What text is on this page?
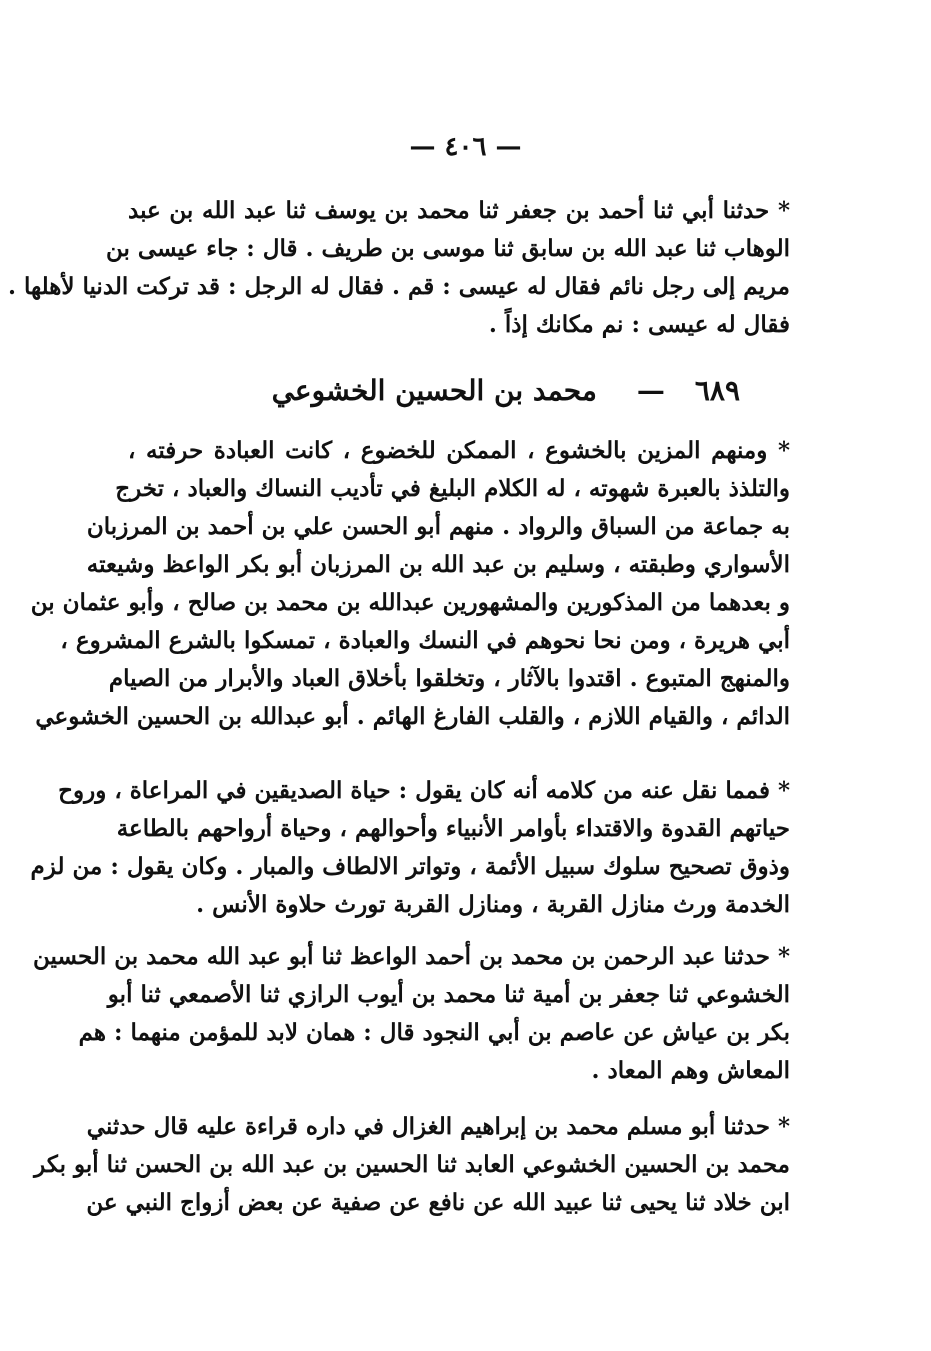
— ٤٠٦ —
* حدثنا أبي ثنا أحمد بن جعفر ثنا محمد بن يوسف ثنا عبد الله بن عبد
الوهاب ثنا عبد الله بن سابق ثنا موسى بن طريف . قال : جاء عيسى بن
مريم إلى رجل نائم فقال له عيسى : قم . فقال له الرجل : قد تركت الدنيا لأهلها .
فقال له عيسى : نم مكانك إذاً .
٦٨٩
—
محمد بن الحسين الخشوعي
* ومنهم المزين بالخشوع ، الممكن للخضوع ، كانت العبادة حرفته ،
والتلذذ بالعبرة شهوته ، له الكلام البليغ في تأديب النساك والعباد ، تخرج
به جماعة من السباق والرواد . منهم أبو الحسن علي بن أحمد بن المرزبان
الأسواري وطبقته ، وسليم بن عبد الله بن المرزبان أبو بكر الواعظ وشيعته
و بعدهما من المذكورين والمشهورين عبدالله بن محمد بن صالح ، وأبو عثمان بن
أبي هريرة ، ومن نحا نحوهم في النسك والعبادة ، تمسكوا بالشرع المشروع ،
والمنهج المتبوع . اقتدوا بالآثار ، وتخلقوا بأخلاق العباد والأبرار من الصيام
الدائم ، والقيام اللازم ، والقلب الفارغ الهائم . أبو عبدالله بن الحسين الخشوعي
* فمما نقل عنه من كلامه أنه كان يقول : حياة الصديقين في المراعاة ، وروح
حياتهم القدوة والاقتداء بأوامر الأنبياء وأحوالهم ، وحياة أرواحهم بالطاعة
وذوق تصحيح سلوك سبيل الأئمة ، وتواتر الالطاف والمبار . وكان يقول : من لزم
الخدمة ورث منازل القربة ، ومنازل القربة تورث حلاوة الأنس .
* حدثنا عبد الرحمن بن محمد بن أحمد الواعظ ثنا أبو عبد الله محمد بن الحسين
الخشوعي ثنا جعفر بن أمية ثنا محمد بن أيوب الرازي ثنا الأصمعي ثنا أبو
بكر بن عياش عن عاصم بن أبي النجود قال : همان لابد للمؤمن منهما : هم
المعاش وهم المعاد .
* حدثنا أبو مسلم محمد بن إبراهيم الغزال في داره قراءة عليه قال حدثني
محمد بن الحسين الخشوعي العابد ثنا الحسين بن عبد الله بن الحسن ثنا أبو بكر
ابن خلاد ثنا يحيى ثنا عبيد الله عن نافع عن صفية عن بعض أزواج النبي عن
